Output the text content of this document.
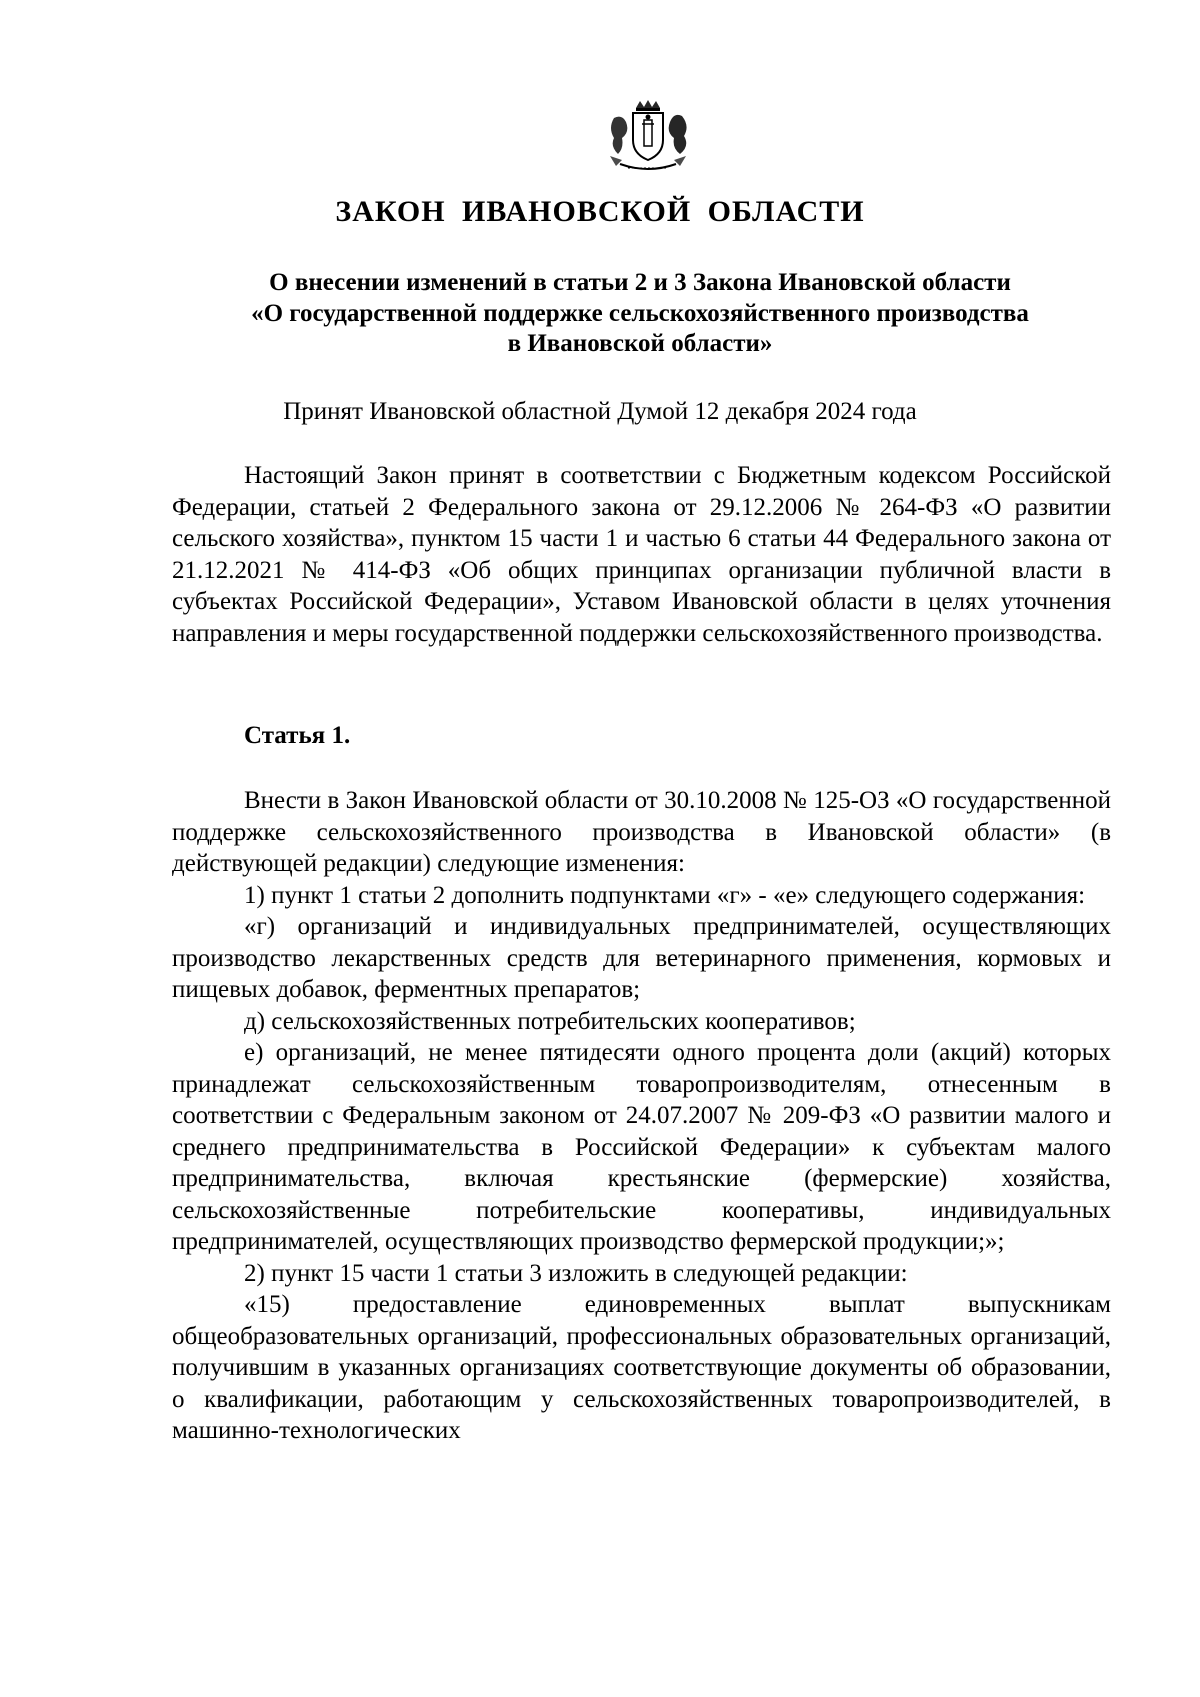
ЗАКОН ИВАНОВСКОЙ ОБЛАСТИ
О внесении изменений в статьи 2 и 3 Закона Ивановской области
«О государственной поддержке сельскохозяйственного производства
в Ивановской области»
Принят Ивановской областной Думой 12 декабря 2024 года

Настоящий Закон принят в соответствии с Бюджетным кодексом Российской Федерации, статьей 2 Федерального закона от 29.12.2006 № 264-ФЗ «О развитии сельского хозяйства», пунктом 15 части 1 и частью 6 статьи 44 Федерального закона от 21.12.2021 № 414-ФЗ «Об общих принципах организации публичной власти в субъектах Российской Федерации», Уставом Ивановской области в целях уточнения направления и меры государственной поддержки сельскохозяйственного производства.

Статья 1.

Внести в Закон Ивановской области от 30.10.2008 № 125-ОЗ «О государственной поддержке сельскохозяйственного производства в Ивановской области» (в действующей редакции) следующие изменения:

1) пункт 1 статьи 2 дополнить подпунктами «г» - «е» следующего содержания:

«г) организаций и индивидуальных предпринимателей, осуществляющих производство лекарственных средств для ветеринарного применения, кормовых и пищевых добавок, ферментных препаратов;

д) сельскохозяйственных потребительских кооперативов;

е) организаций, не менее пятидесяти одного процента доли (акций) которых принадлежат сельскохозяйственным товаропроизводителям, отнесенным в соответствии с Федеральным законом от 24.07.2007 № 209-ФЗ «О развитии малого и среднего предпринимательства в Российской Федерации» к субъектам малого предпринимательства, включая крестьянские (фермерские) хозяйства, сельскохозяйственные потребительские кооперативы, индивидуальных предпринимателей, осуществляющих производство фермерской продукции;»;

2) пункт 15 части 1 статьи 3 изложить в следующей редакции:

«15) предоставление единовременных выплат выпускникам общеобразовательных организаций, профессиональных образовательных организаций, получившим в указанных организациях соответствующие документы об образовании, о квалификации, работающим у сельскохозяйственных товаропроизводителей, в машинно-технологических
